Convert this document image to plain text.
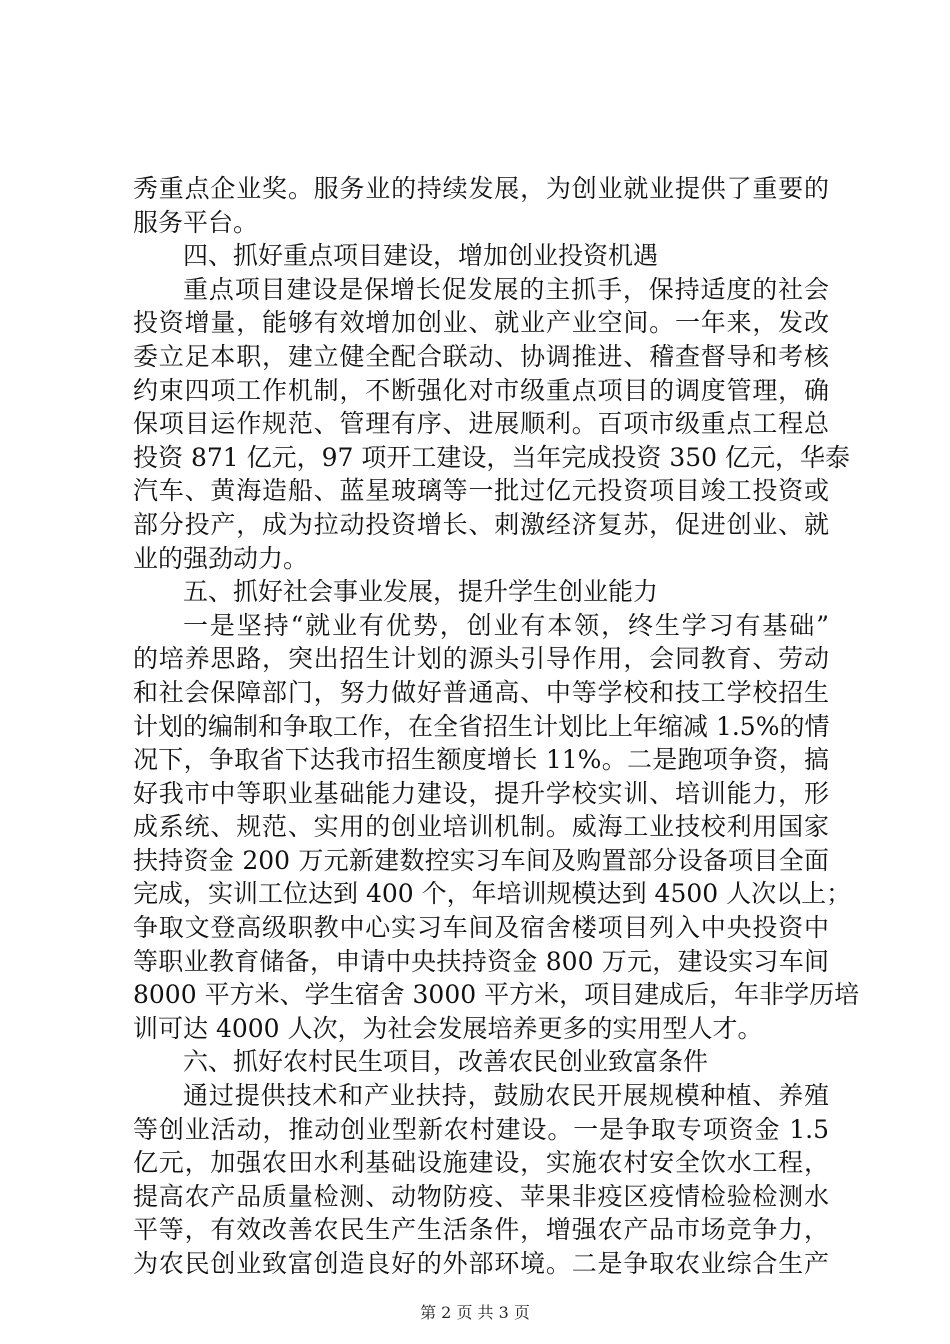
秀重点企业奖。服务业的持续发展，为创业就业提供了重要的
服务平台。
四、抓好重点项目建设，增加创业投资机遇
重点项目建设是保增长促发展的主抓手，保持适度的社会
投资增量，能够有效增加创业、就业产业空间。一年来，发改
委立足本职，建立健全配合联动、协调推进、稽查督导和考核
约束四项工作机制，不断强化对市级重点项目的调度管理，确
保项目运作规范、管理有序、进展顺利。百项市级重点工程总
投资 871 亿元，97 项开工建设，当年完成投资 350 亿元，华泰
汽车、黄海造船、蓝星玻璃等一批过亿元投资项目竣工投资或
部分投产，成为拉动投资增长、刺激经济复苏，促进创业、就
业的强劲动力。
五、抓好社会事业发展，提升学生创业能力
一是坚持“就业有优势，创业有本领，终生学习有基础”
的培养思路，突出招生计划的源头引导作用，会同教育、劳动
和社会保障部门，努力做好普通高、中等学校和技工学校招生
计划的编制和争取工作，在全省招生计划比上年缩减 1.5%的情
况下，争取省下达我市招生额度增长 11%。二是跑项争资，搞
好我市中等职业基础能力建设，提升学校实训、培训能力，形
成系统、规范、实用的创业培训机制。威海工业技校利用国家
扶持资金 200 万元新建数控实习车间及购置部分设备项目全面
完成，实训工位达到 400 个，年培训规模达到 4500 人次以上；
争取文登高级职教中心实习车间及宿舍楼项目列入中央投资中
等职业教育储备，申请中央扶持资金 800 万元，建设实习车间
8000 平方米、学生宿舍 3000 平方米，项目建成后，年非学历培
训可达 4000 人次，为社会发展培养更多的实用型人才。
六、抓好农村民生项目，改善农民创业致富条件
通过提供技术和产业扶持，鼓励农民开展规模种植、养殖
等创业活动，推动创业型新农村建设。一是争取专项资金 1.5
亿元，加强农田水利基础设施建设，实施农村安全饮水工程，
提高农产品质量检测、动物防疫、苹果非疫区疫情检验检测水
平等，有效改善农民生产生活条件，增强农产品市场竞争力，
为农民创业致富创造良好的外部环境。二是争取农业综合生产
第 2 页 共 3 页
